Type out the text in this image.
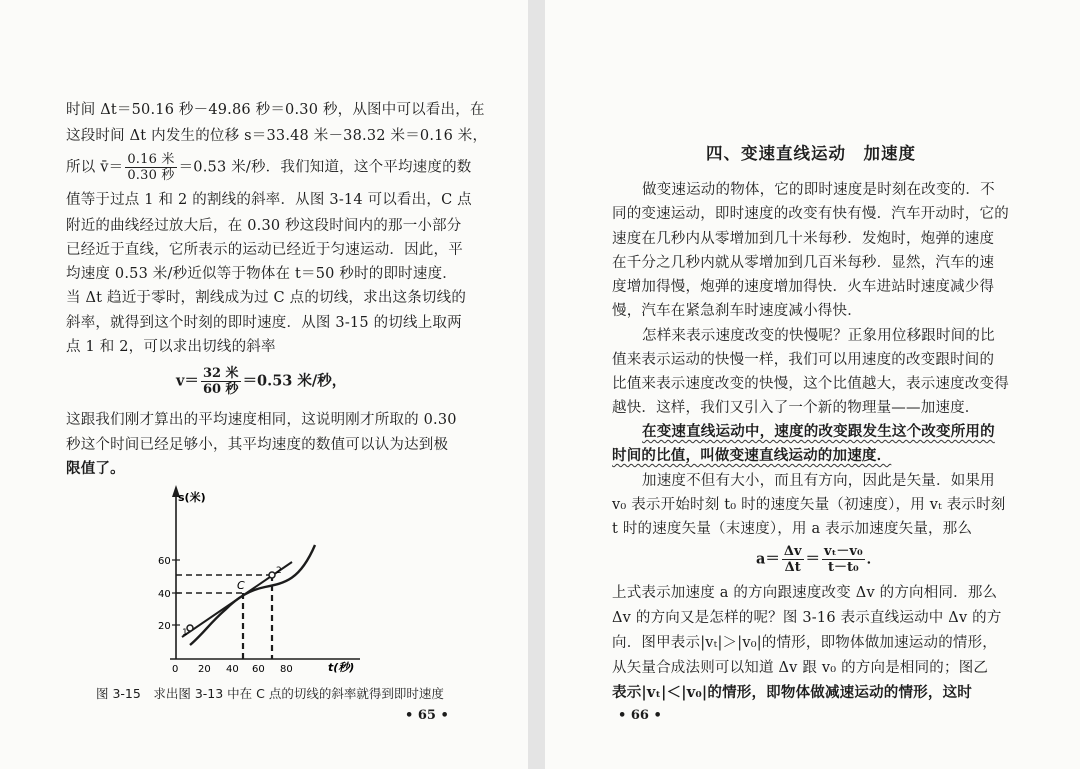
时间 Δt＝50.16 秒－49.86 秒＝0.30 秒，从图中可以看出，在
这段时间 Δt 内发生的位移 s＝33.48 米－38.32 米＝0.16 米，
所以 v̄＝ $\frac{\text{0.16 米}}{\text{0.30 秒}} =0.53$ 米/秒．我们知道，这个平均速度的数
值等于过点 1 和 2 的割线的斜率．从图 3-14 可以看出，C 点
附近的曲线经过放大后，在 0.30 秒这段时间内的那一小部分
已经近于直线，它所表示的运动已经近于匀速运动．因此，平
均速度 0.53 米/秒近似等于物体在 t＝50 秒时的即时速度．
当 Δt 趋近于零时，割线成为过 C 点的切线，求出这条切线的
斜率，就得到这个时刻的即时速度．从图 3-15 的切线上取两
点 1 和 2，可以求出切线的斜率
$v= \frac{\text{32 米}}{\text{60 秒}} =0.53$ 米/秒，
这跟我们刚才算出的平均速度相同，这说明刚才所取的 0.30
秒这个时间已经足够小，其平均速度的数值可以认为达到极
限值了。
s(米)
t(秒)
60
40
20
0 20 40 60 80
C
1
2
图 3-15　求出图 3-13 中在 C 点的切线的斜率就得到即时速度
• 65 •
四、变速直线运动　加速度
做变速运动的物体，它的即时速度是时刻在改变的．不
同的变速运动，即时速度的改变有快有慢．汽车开动时，它的
速度在几秒内从零增加到几十米每秒．发炮时，炮弹的速度
在千分之几秒内就从零增加到几百米每秒．显然，汽车的速
度增加得慢，炮弹的速度增加得快．火车进站时速度减少得
慢，汽车在紧急刹车时速度减小得快．
怎样来表示速度改变的快慢呢？正象用位移跟时间的比
值来表示运动的快慢一样，我们可以用速度的改变跟时间的
比值来表示速度改变的快慢，这个比值越大，表示速度改变得
越快．这样，我们又引入了一个新的物理量——加速度．
在变速直线运动中，速度的改变跟发生这个改变所用的
时间的比值，叫做变速直线运动的加速度．
加速度不但有大小，而且有方向，因此是矢量．如果用
v₀ 表示开始时刻 t₀ 时的速度矢量（初速度），用 vₜ 表示时刻
t 时的速度矢量（末速度），用 a 表示加速度矢量，那么
$a= \frac{\Delta v}{\Delta t} = \frac{\text{vₜ－v₀}}{\text{t－t₀}}$ ．
上式表示加速度 a 的方向跟速度改变 Δv 的方向相同．那么
Δv 的方向又是怎样的呢？图 3-16 表示直线运动中 Δv 的方
向．图甲表示|vₜ|＞|v₀|的情形，即物体做加速运动的情形，
从矢量合成法则可以知道 Δv 跟 v₀ 的方向是相同的；图乙
表示|vₜ|＜|v₀|的情形，即物体做减速运动的情形，这时
• 66 •
